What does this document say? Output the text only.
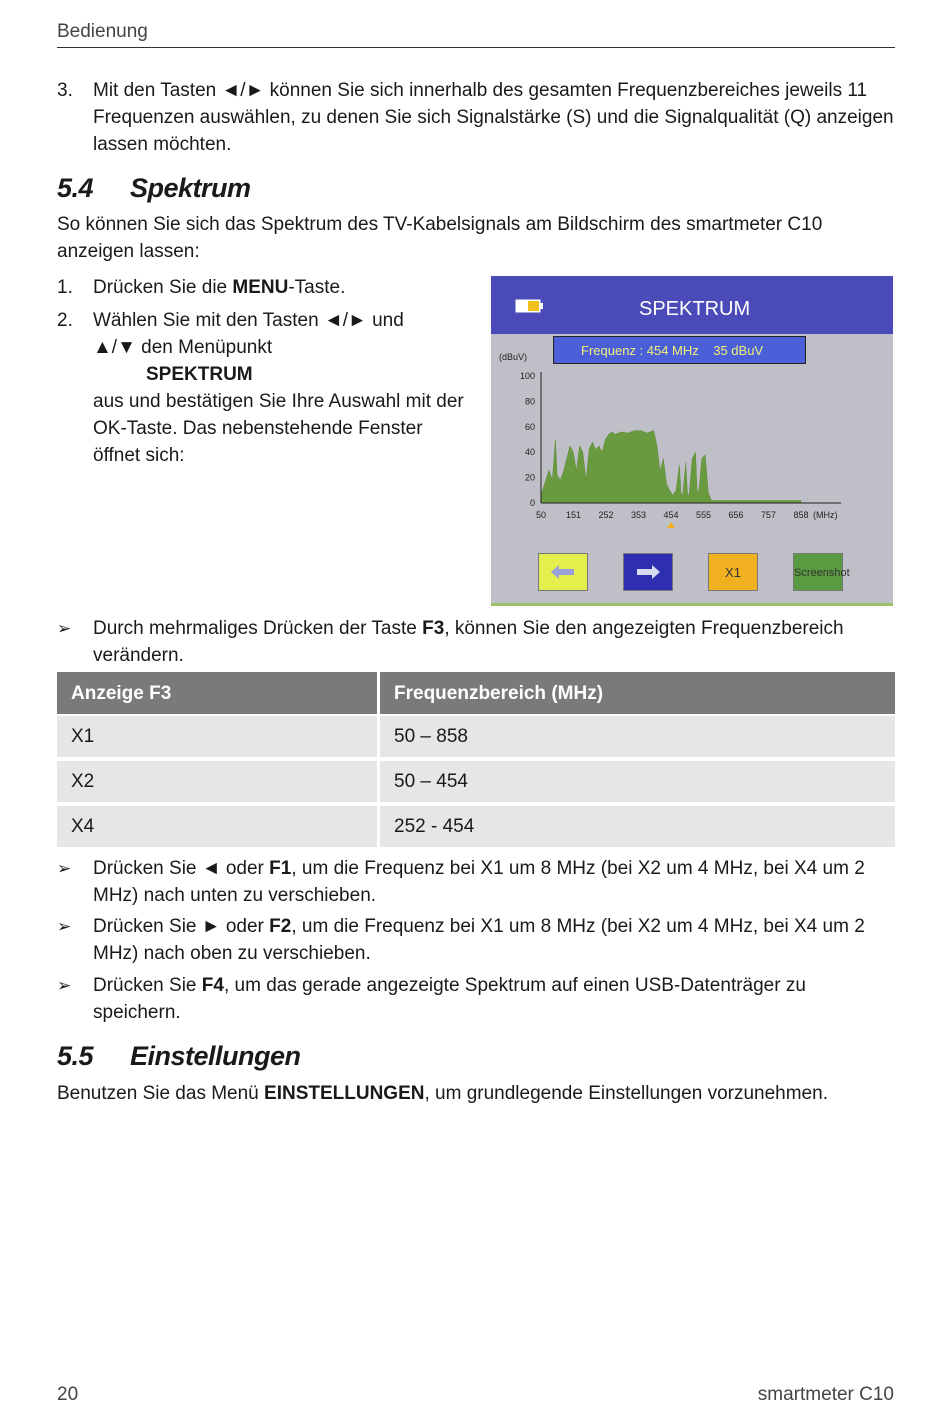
Bedienung
3.	Mit den Tasten ◄/► können Sie sich innerhalb des gesamten Frequenzbereiches jeweils 11 Frequenzen auswählen, zu denen Sie sich Signalstärke (S) und die Signalqualität (Q) anzeigen lassen möchten.
5.4 Spektrum
So können Sie sich das Spektrum des TV-Kabelsignals am Bildschirm des smartmeter C10 anzeigen lassen:
1.	Drücken Sie die MENU-Taste.
2.	Wählen Sie mit den Tasten ◄/► und
▲/▼ den Menüpunkt
SPEKTRUM
aus und bestätigen Sie Ihre Auswahl mit der OK-Taste. Das nebenstehende Fenster öffnet sich:
SPEKTRUM
Frequenz : 454 MHz    35 dBuV
0
20
40
60
80
100
50 151 252 353 454 555 656 757 858
(dBuV)
(MHz)
X1	Screenshot
➢	Durch mehrmaliges Drücken der Taste F3, können Sie den angezeigten Frequenzbereich verändern.
Anzeige F3	Frequenzbereich (MHz)
X1	50 – 858
X2	50 – 454
X4	252 - 454
➢	Drücken Sie ◄ oder F1, um die Frequenz bei X1 um 8 MHz (bei X2 um 4 MHz, bei X4 um 2 MHz) nach unten zu verschieben.
➢	Drücken Sie ► oder F2, um die Frequenz bei X1 um 8 MHz (bei X2 um 4 MHz, bei X4 um 2 MHz) nach oben zu verschieben.
➢	Drücken Sie F4, um das gerade angezeigte Spektrum auf einen USB-Datenträger zu speichern.
5.5 Einstellungen
Benutzen Sie das Menü EINSTELLUNGEN, um grundlegende Einstellungen vorzunehmen.
20	smartmeter C10
